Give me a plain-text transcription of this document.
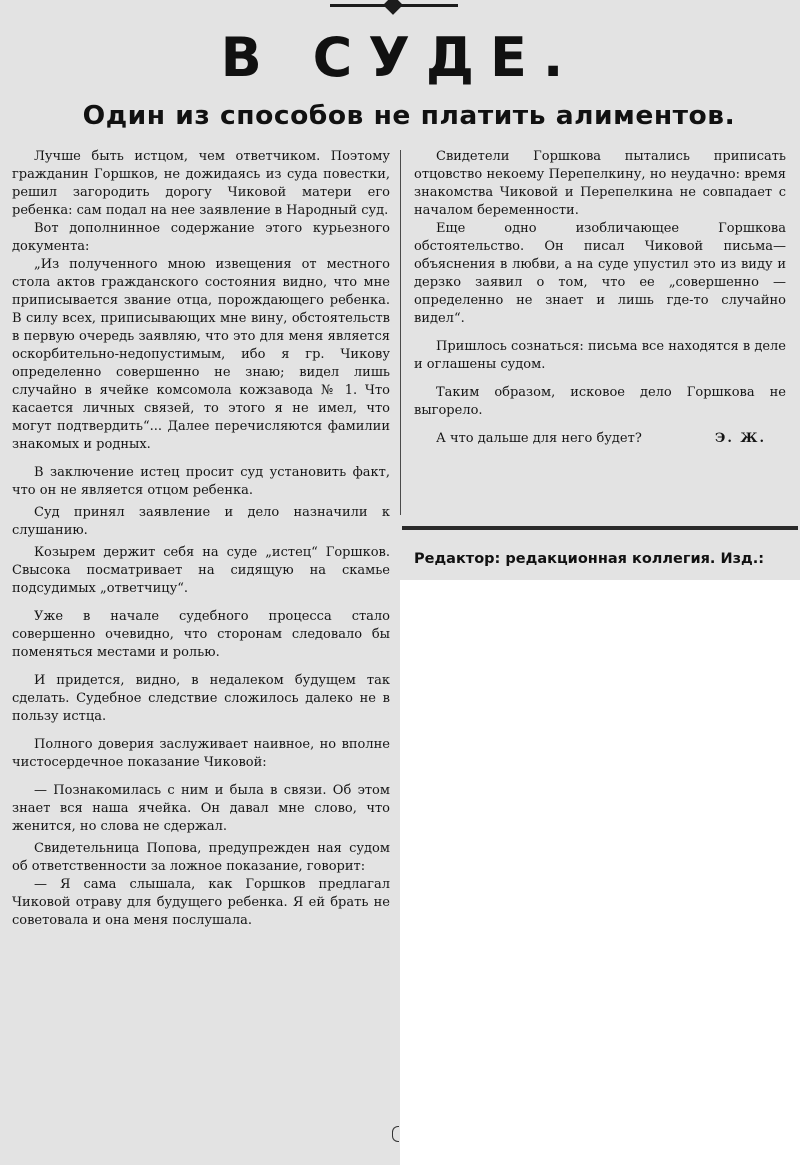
В СУДЕ.
Один из способов не платить алиментов.

Лучше быть истцом, чем ответчиком. Поэтому гражданин Горшков, не дожидаясь из суда повестки, решил загородить дорогу Чиковой матери его ребенка: сам подал на нее заявление в Народный суд.

Вот дополнинное содержание этого курьезного документа:

„Из полученного мною извещения от местного стола актов гражданского состояния видно, что мне приписывается звание отца, порождающего ребенка. В силу всех, приписывающих мне вину, обстоятельств в первую очередь заявляю, что это для меня является оскорбительно-недопустимым, ибо я гр. Чикову определенно совершенно не знаю; видел лишь случайно в ячейке комсомола кожзавода № 1. Что касается личных связей, то этого я не имел, что могут подтвердить“... Далее перечисляются фамилии знакомых и родных.

В заключение истец просит суд установить факт, что он не является отцом ребенка.

Суд принял заявление и дело назначили к слушанию.

Козырем держит себя на суде „истец“ Горшков. Свысока посматривает на сидящую на скамье подсудимых „ответчицу“.

Уже в начале судебного процесса стало совершенно очевидно, что сторонам следовало бы поменяться местами и ролью.

И придется, видно, в недалеком будущем так сделать. Судебное следствие сложилось далеко не в пользу истца.

Полного доверия заслуживает наивное, но вполне чистосердечное показание Чиковой:

— Познакомилась с ним и была в связи. Об этом знает вся наша ячейка. Он давал мне слово, что женится, но слова не сдержал.

Свидетельница Попова, предупрежден ная судом об ответственности за ложное показание, говорит:

— Я сама слышала, как Горшков предлагал Чиковой отраву для будущего ребенка. Я ей брать не советовала и она меня послушала.

Свидетели Горшкова пытались приписать отцовство некоему Перепелкину, но неудачно: время знакомства Чиковой и Перепелкина не совпадает с началом беременности.

Еще одно изобличающее Горшкова обстоятельство. Он писал Чиковой письма— объяснения в любви, а на суде упустил это из виду и дерзко заявил о том, что ее „совершенно — определенно не знает и лишь где-то случайно видел“.

Пришлось сознаться: письма все находятся в деле и оглашены судом.

Таким образом, исковое дело Горшкова не выгорело.

А что дальше для него будет?	Э. Ж.

Редактор: редакционная коллегия. Изд.:
